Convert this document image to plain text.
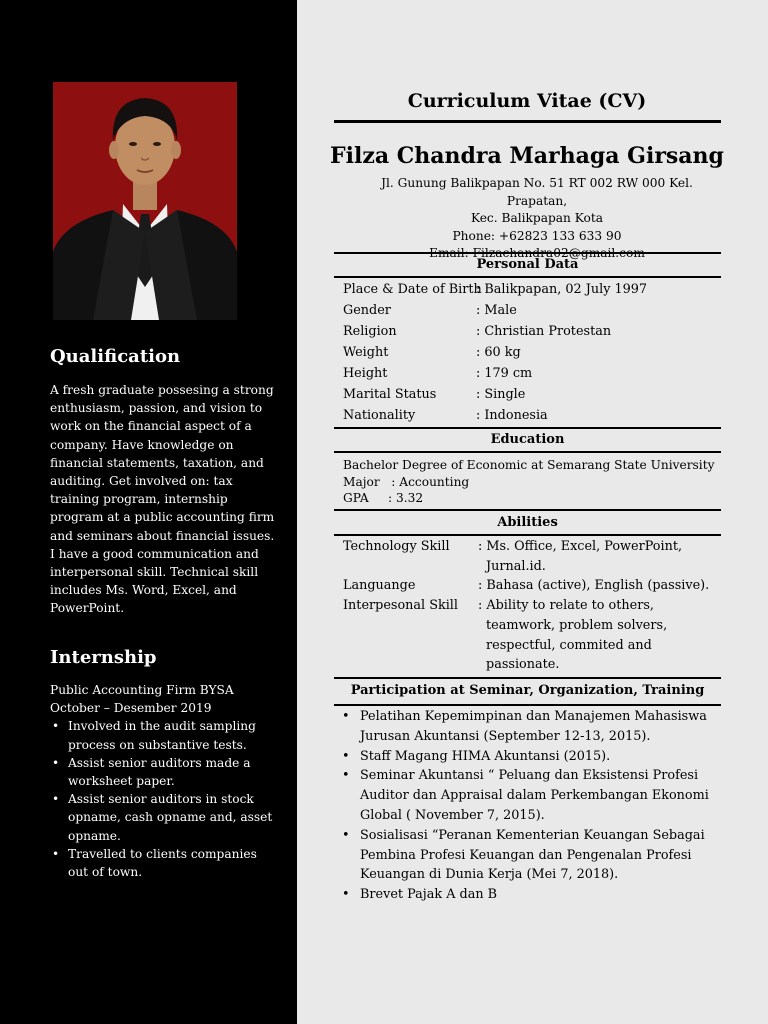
Qualification

A fresh graduate possesing a strong enthusiasm, passion, and vision to work on the financial aspect of a company. Have knowledge on financial statements, taxation, and auditing. Get involved on: tax training program, internship program at a public accounting firm and seminars about financial issues. I have a good communication and interpersonal skill. Technical skill includes Ms. Word, Excel, and PowerPoint.

Internship
Public Accounting Firm BYSA
October – Desember 2019
• Involved in the audit sampling process on substantive tests.
• Assist senior auditors made a worksheet paper.
• Assist senior auditors in stock opname, cash opname and, asset opname.
• Travelled to clients companies out of town.
Curriculum Vitae (CV)
Filza Chandra Marhaga Girsang
Jl. Gunung Balikpapan No. 51 RT 002 RW 000 Kel. Prapatan,
Kec. Balikpapan Kota
Phone: +62823 133 633 90
Personal Data
Place & Date of Birth
: Balikpapan, 02 July 1997
Gender	: Male
Religion	: Christian Protestan
Weight	: 60 kg
Height	: 179 cm
Marital Status	: Single
Nationality	: Indonesia
Education
Bachelor Degree of Economic at Semarang State University
Major   : Accounting
GPA     : 3.32
Abilities
Technology Skill : Ms. Office, Excel, PowerPoint, Jurnal.id.
Languange	: Bahasa (active), English (passive).
Interpesonal Skill : Ability to relate to others, teamwork, problem solvers, respectful, commited and passionate.
Participation at Seminar, Organization, Training
• Pelatihan Kepemimpinan dan Manajemen Mahasiswa Jurusan Akuntansi (September 12-13, 2015).
• Staff Magang HIMA Akuntansi (2015).
• Seminar Akuntansi “ Peluang dan Eksistensi Profesi Auditor dan Appraisal dalam Perkembangan Ekonomi Global ( November 7, 2015).
• Sosialisasi “Peranan Kementerian Keuangan Sebagai Pembina Profesi Keuangan dan Pengenalan Profesi Keuangan di Dunia Kerja (Mei 7, 2018).
• Brevet Pajak A dan B
